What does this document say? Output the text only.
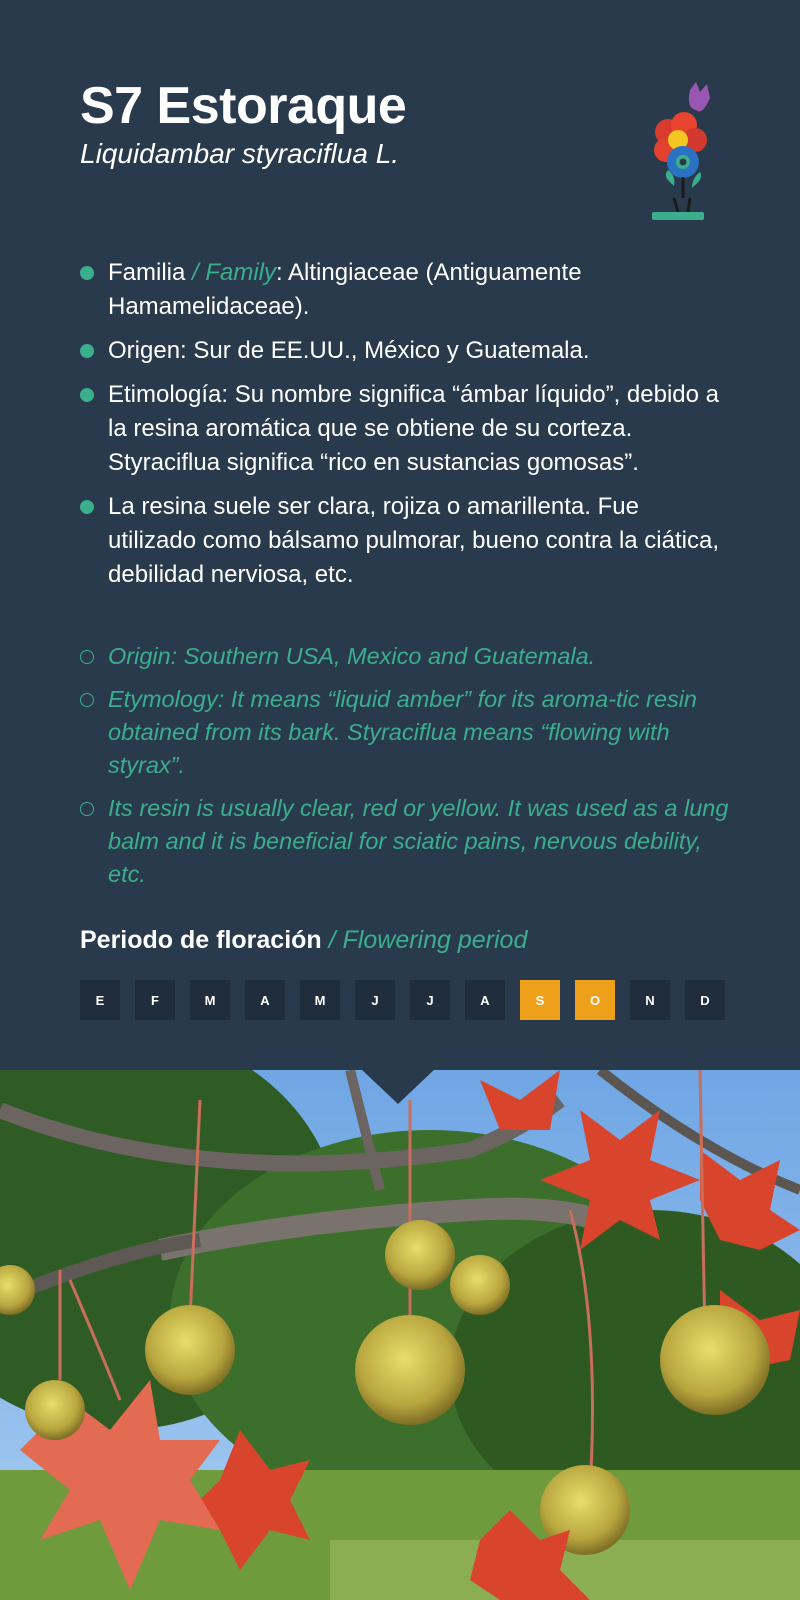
S7 Estoraque

Liquidambar styraciflua L.

Familia / Family: Altingiaceae (Antiguamente Hamamelidaceae).
Origen: Sur de EE.UU., México y Guatemala.
Etimología: Su nombre significa “ámbar líquido”, debido a la resina aromática que se obtiene de su corteza. Styraciflua significa “rico en sustancias gomosas”.
La resina suele ser clara, rojiza o amarillenta. Fue utilizado como bálsamo pulmorar, bueno contra la ciática, debilidad nerviosa, etc.
Origin: Southern USA, Mexico and Guatemala.
Etymology: It means “liquid amber” for its aroma-tic resin obtained from its bark. Styraciflua means “flowing with styrax”.
Its resin is usually clear, red or yellow. It was used as a lung balm and it is beneficial for sciatic pains, nervous debility, etc.
Periodo de floración / Flowering period
E	F	M	A	M	J	J	A	S	O	N	D
